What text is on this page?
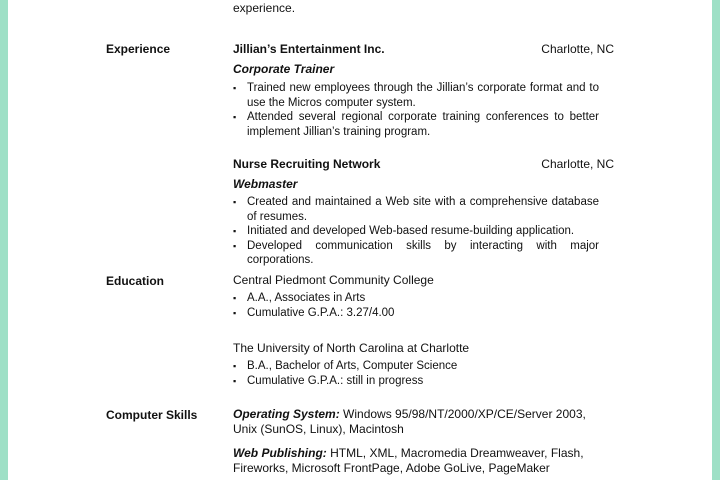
experience.
Experience	Jillian’s Entertainment Inc.	Charlotte, NC
Corporate Trainer
▪ Trained new employees through the Jillian’s corporate format and to use the Micros computer system.
▪ Attended several regional corporate training conferences to better implement Jillian’s training program.
Nurse Recruiting Network	Charlotte, NC
Webmaster
▪ Created and maintained a Web site with a comprehensive database of resumes.
▪ Initiated and developed Web-based resume-building application.
▪ Developed communication skills by interacting with major corporations.
Education	Central Piedmont Community College
▪ A.A., Associates in Arts
▪ Cumulative G.P.A.: 3.27/4.00
The University of North Carolina at Charlotte
▪ B.A., Bachelor of Arts, Computer Science
▪ Cumulative G.P.A.: still in progress
Computer Skills	Operating System: Windows 95/98/NT/2000/XP/CE/Server 2003, Unix (SunOS, Linux), Macintosh
Web Publishing: HTML, XML, Macromedia Dreamweaver, Flash, Fireworks, Microsoft FrontPage, Adobe GoLive, PageMaker
